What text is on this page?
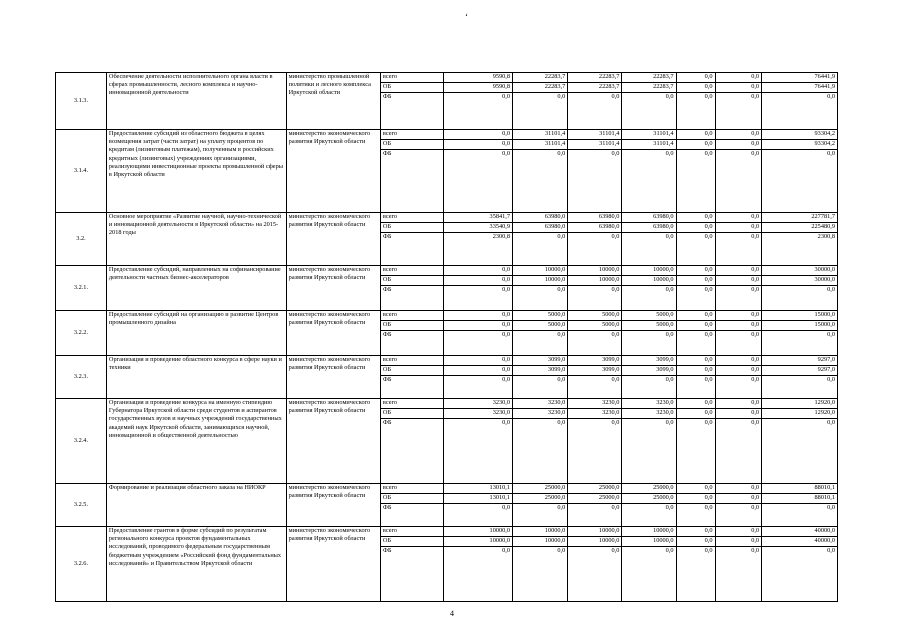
ʻ
3.1.3.	Обеспечение деятельности исполнительного органа власти в сферах промышленности, лесного комплекса и научно-инновационной деятельности	министерство промышленной политики и лесного комплекса Иркутской области	всего	9590,8	22283,7	22283,7	22283,7	0,0	0,0	76441,9
			ОБ	9590,8	22283,7	22283,7	22283,7	0,0	0,0	76441,9
			ФБ	0,0	0,0	0,0	0,0	0,0	0,0	0,0
3.1.4.	Предоставление субсидий из областного бюджета в целях возмещения затрат (части затрат) на уплату процентов по кредитам (лизинговым платежам), полученным в российских кредитных (лизинговых) учреждениях организациями, реализующими инвестиционные проекты промышленной сферы в Иркутской области	министерство экономического развития Иркутской области	всего	0,0	31101,4	31101,4	31101,4	0,0	0,0	93304,2
			ОБ	0,0	31101,4	31101,4	31101,4	0,0	0,0	93304,2
			ФБ	0,0	0,0	0,0	0,0	0,0	0,0	0,0
3.2.	Основное мероприятие «Развитие научной, научно-технической и инновационной деятельности в Иркутской области» на 2015-2018 годы	министерство экономического развития Иркутской области	всего	35841,7	63980,0	63980,0	63980,0	0,0	0,0	227781,7
			ОБ	33540,9	63980,0	63980,0	63980,0	0,0	0,0	225480,9
			ФБ	2300,8	0,0	0,0	0,0	0,0	0,0	2300,8
3.2.1.	Предоставление субсидий, направленных на софинансирование деятельности частных бизнес-акселераторов	министерство экономического развития Иркутской области	всего	0,0	10000,0	10000,0	10000,0	0,0	0,0	30000,0
			ОБ	0,0	10000,0	10000,0	10000,0	0,0	0,0	30000,0
			ФБ	0,0	0,0	0,0	0,0	0,0	0,0	0,0
3.2.2.	Предоставление субсидий на организацию и развитие Центров промышленного дизайна	министерство экономического развития Иркутской области	всего	0,0	5000,0	5000,0	5000,0	0,0	0,0	15000,0
			ОБ	0,0	5000,0	5000,0	5000,0	0,0	0,0	15000,0
			ФБ	0,0	0,0	0,0	0,0	0,0	0,0	0,0
3.2.3.	Организация и проведение областного конкурса в сфере науки и техники	министерство экономического развития Иркутской области	всего	0,0	3099,0	3099,0	3099,0	0,0	0,0	9297,0
			ОБ	0,0	3099,0	3099,0	3099,0	0,0	0,0	9297,0
			ФБ	0,0	0,0	0,0	0,0	0,0	0,0	0,0
3.2.4.	Организация и проведение конкурса на именную стипендию Губернатора Иркутской области среди студентов и аспирантов государственных вузов и научных учреждений государственных академий наук Иркутской области, занимающихся научной, инновационной и общественной деятельностью	министерство экономического развития Иркутской области	всего	3230,0	3230,0	3230,0	3230,0	0,0	0,0	12920,0
			ОБ	3230,0	3230,0	3230,0	3230,0	0,0	0,0	12920,0
			ФБ	0,0	0,0	0,0	0,0	0,0	0,0	0,0
3.2.5.	Формирование и реализация областного заказа на НИОКР	министерство экономического развития Иркутской области	всего	13010,1	25000,0	25000,0	25000,0	0,0	0,0	88010,1
			ОБ	13010,1	25000,0	25000,0	25000,0	0,0	0,0	88010,1
			ФБ	0,0	0,0	0,0	0,0	0,0	0,0	0,0
3.2.6.	Предоставление грантов в форме субсидий по результатам регионального конкурса проектов фундаментальных исследований, проводимого федеральным государственным бюджетным учреждением «Российский фонд фундаментальных исследований» и Правительством Иркутской области	министерство экономического развития Иркутской области	всего	10000,0	10000,0	10000,0	10000,0	0,0	0,0	40000,0
			ОБ	10000,0	10000,0	10000,0	10000,0	0,0	0,0	40000,0
			ФБ	0,0	0,0	0,0	0,0	0,0	0,0	0,0
4
